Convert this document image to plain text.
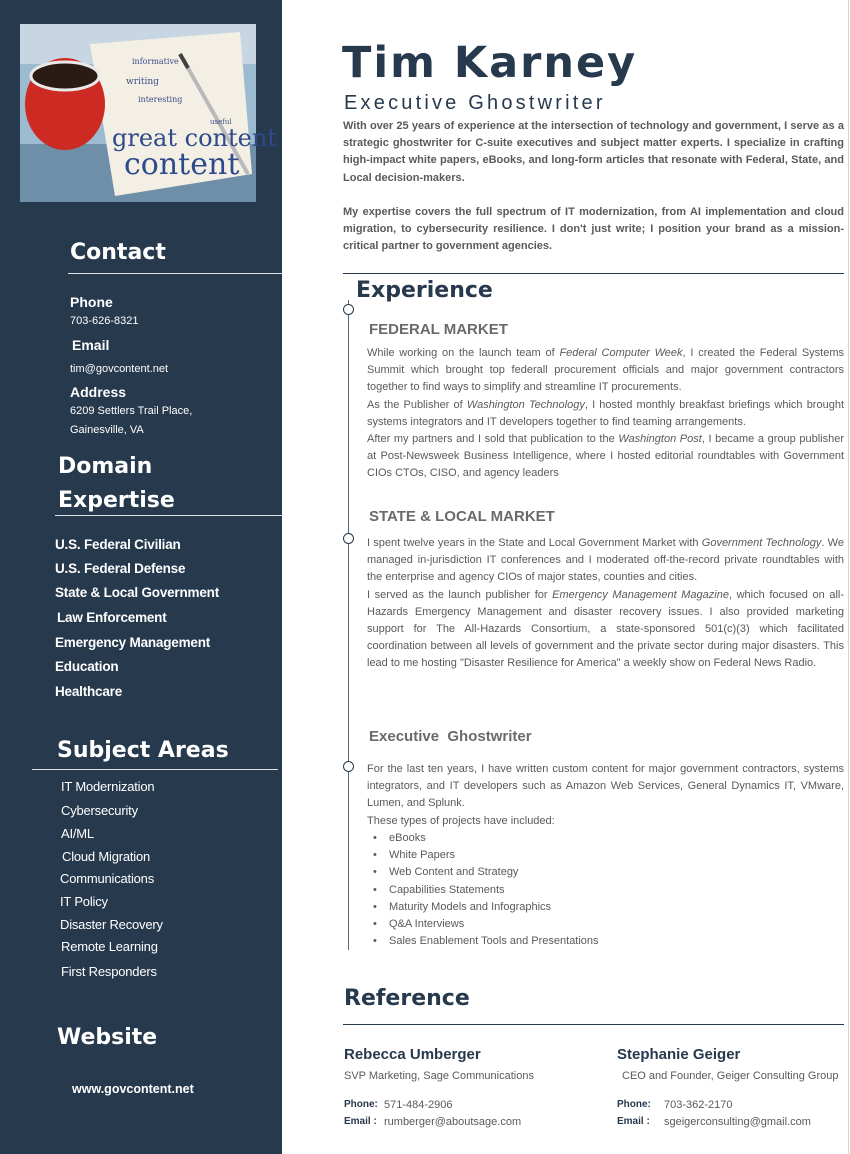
informative
writing
interesting
useful
great content
content
Contact
Phone
703-626-8321
Email
tim@govcontent.net
Address
6209 Settlers Trail Place,
Gainesville, VA
Domain
Expertise
U.S. Federal Civilian
U.S. Federal Defense
State & Local Government
Law Enforcement
Emergency Management
Education
Healthcare
Subject Areas
IT Modernization
Cybersecurity
AI/ML
Cloud Migration
Communications
IT Policy
Disaster Recovery
Remote Learning
First Responders
Website
www.govcontent.net
Tim Karney
Executive Ghostwriter

With over 25 years of experience at the intersection of technology and government, I serve as a strategic ghostwriter for C-suite executives and subject matter experts. I specialize in crafting high-impact white papers, eBooks, and long-form articles that resonate with Federal, State, and Local decision-makers.

My expertise covers the full spectrum of IT modernization, from AI implementation and cloud migration, to cybersecurity resilience. I don't just write; I position your brand as a mission-critical partner to government agencies.

Experience
FEDERAL MARKET

While working on the launch team of Federal Computer Week, I created the Federal Systems Summit which brought top federall procurement officials and major government contractors together to find ways to simplify and streamline IT procurements.

As the Publisher of Washington Technology, I hosted monthly breakfast briefings which brought systems integrators and IT developers together to find teaming arrangements.

After my partners and I sold that publication to the Washington Post, I became a group publisher at Post-Newsweek Business Intelligence, where I hosted editorial roundtables with Government CIOs CTOs, CISO, and agency leaders

STATE & LOCAL MARKET

I spent twelve years in the State and Local Government Market with Government Technology. We managed in-jurisdiction IT conferences and I moderated off-the-record private roundtables with the enterprise and agency CIOs of major states, counties and cities.

I served as the launch publisher for Emergency Management Magazine, which focused on all-Hazards Emergency Management and disaster recovery issues. I also provided marketing support for The All-Hazards Consortium, a state-sponsored 501(c)(3) which facilitated coordination between all levels of government and the private sector during major disasters. This lead to me hosting "Disaster Resilience for America" a weekly show on Federal News Radio.

Executive  Ghostwriter

For the last ten years, I have written custom content for major government contractors, systems integrators, and IT developers such as Amazon Web Services, General Dynamics IT, VMware, Lumen, and Splunk.

These types of projects have included:

• eBooks
• White Papers
• Web Content and Strategy
• Capabilities Statements
• Maturity Models and Infographics
• Q&A Interviews
• Sales Enablement Tools and Presentations
Reference
Rebecca Umberger
SVP Marketing, Sage Communications
Phone: 571-484-2906
Email : rumberger@aboutsage.com
Stephanie Geiger
CEO and Founder, Geiger Consulting Group
Phone: 703-362-2170
Email : sgeigerconsulting@gmail.com
